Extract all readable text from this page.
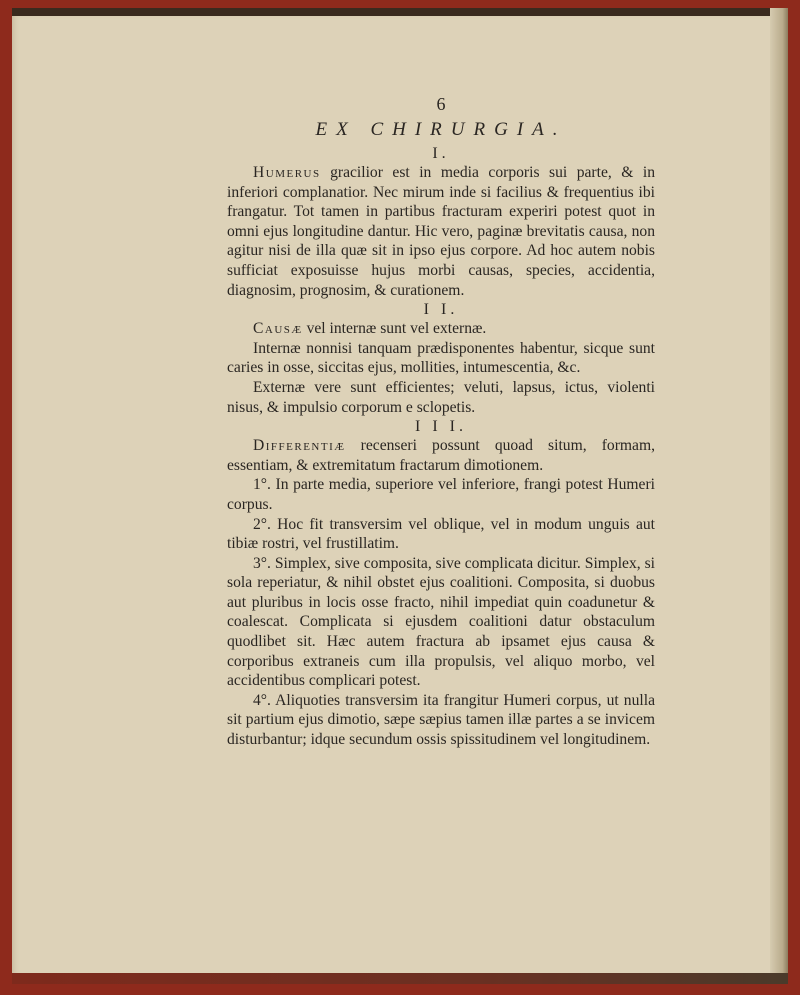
6
EX CHIRURGIA.
I.

Humerus gracilior est in media corporis sui parte, & in inferiori complanatior. Nec mirum inde si facilius & frequentius ibi frangatur. Tot tamen in partibus fracturam experiri potest quot in omni ejus longitudine dantur. Hic vero, paginæ brevitatis causa, non agitur nisi de illa quæ sit in ipso ejus corpore. Ad hoc autem nobis sufficiat exposuisse hujus morbi causas, species, accidentia, diagnosim, prognosim, & curationem.

I I.

Causæ vel internæ sunt vel externæ.

Internæ nonnisi tanquam prædisponentes habentur, sicque sunt caries in osse, siccitas ejus, mollities, intumescentia, &c.

Externæ vere sunt efficientes; veluti, lapsus, ictus, violenti nisus, & impulsio corporum e sclopetis.

I I I.

Differentiæ recenseri possunt quoad situm, formam, essentiam, & extremitatum fractarum dimotionem.

1°. In parte media, superiore vel inferiore, frangi potest Humeri corpus.

2°. Hoc fit transversim vel oblique, vel in modum unguis aut tibiæ rostri, vel frustillatim.

3°. Simplex, sive composita, sive complicata dicitur. Simplex, si sola reperiatur, & nihil obstet ejus coalitioni. Composita, si duobus aut pluribus in locis osse fracto, nihil impediat quin coadunetur & coalescat. Complicata si ejusdem coalitioni datur obstaculum quodlibet sit. Hæc autem fractura ab ipsamet ejus causa & corporibus extraneis cum illa propulsis, vel aliquo morbo, vel accidentibus complicari potest.

4°. Aliquoties transversim ita frangitur Humeri corpus, ut nulla sit partium ejus dimotio, sæpe sæpius tamen illæ partes a se invicem disturbantur; idque secundum ossis spissitudinem vel longitudinem.
